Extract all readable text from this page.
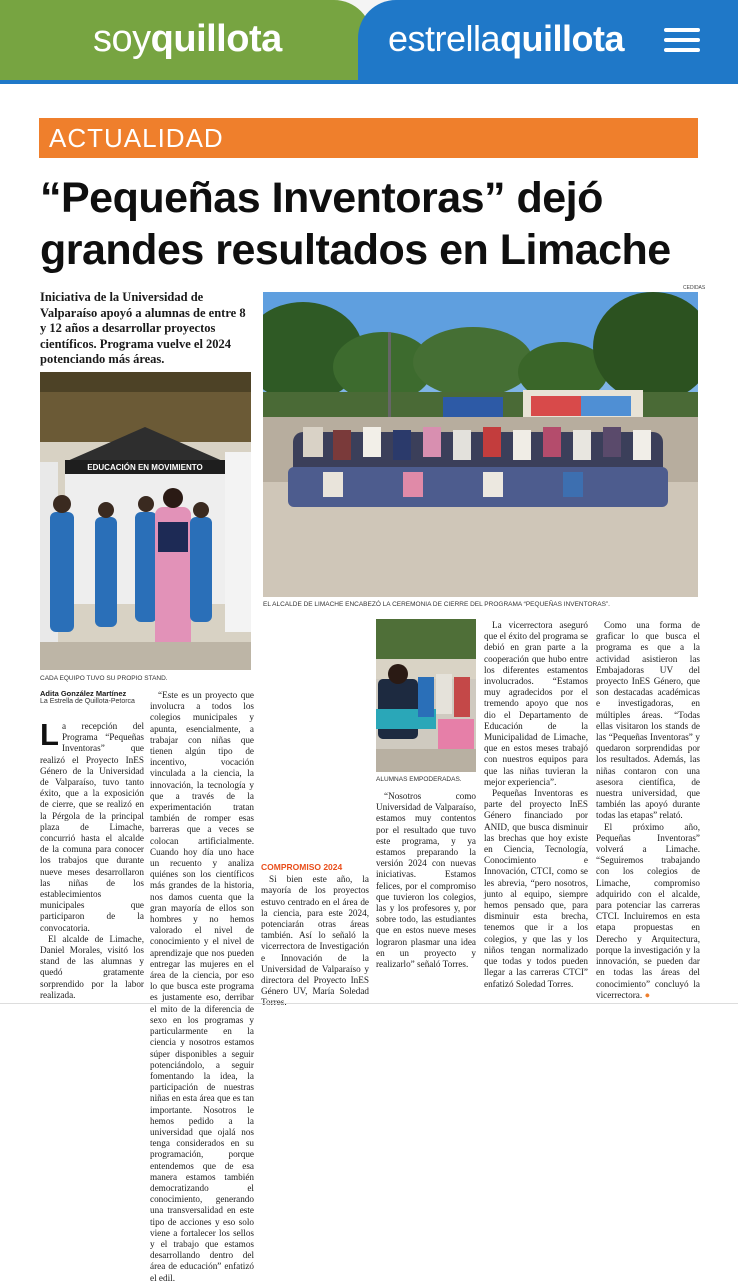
soyquillota	estrellaquillota
ACTUALIDAD
“Pequeñas Inventoras” dejó grandes resultados en Limache
Iniciativa de la Universidad de Valparaíso apoyó a alumnas de entre 8 y 12 años a desarrollar proyectos científicos. Programa vuelve el 2024 potenciando más áreas.
CEDIDAS
EL ALCALDE DE LIMACHE ENCABEZÓ LA CEREMONIA DE CIERRE DEL PROGRAMA “PEQUEÑAS INVENTORAS”.
EDUCACIÓN EN MOVIMIENTO
CADA EQUIPO TUVO SU PROPIO STAND.
Adita González Martínez
La Estrella de Quillota-Petorca
ALUMNAS EMPODERADAS.

La recepción del Programa “Pequeñas Inventoras” que realizó el Proyecto InES Género de la Universidad de Valparaíso, tuvo tanto éxito, que a la exposición de cierre, que se realizó en la Pérgola de la principal plaza de Limache, concurrió hasta el alcalde de la comuna para conocer los trabajos que durante nueve meses desarrollaron las niñas de los establecimientos municipales que participaron de la convocatoria.

El alcalde de Limache, Daniel Morales, visitó los stand de las alumnas y quedó gratamente sorprendido por la labor realizada.

“Este es un proyecto que involucra a todos los colegios municipales y apunta, esencialmente, a trabajar con niñas que tienen algún tipo de incentivo, vocación vinculada a la ciencia, la innovación, la tecnología y que a través de la experimentación tratan también de romper esas barreras que a veces se colocan artificialmente. Cuando hoy día uno hace un recuento y analiza quiénes son los científicos más grandes de la historia, nos damos cuenta que la gran mayoría de ellos son hombres y no hemos valorado el nivel de conocimiento y el nivel de aprendizaje que nos pueden entregar las mujeres en el área de la ciencia, por eso lo que busca este programa es justamente eso, derribar el mito de la diferencia de sexo en los programas y particularmente en la ciencia y nosotros estamos súper disponibles a seguir potenciándolo, a seguir fomentando la idea, la participación de nuestras niñas en esta área que es tan importante. Nosotros le hemos pedido a la universidad que ojalá nos tenga considerados en su programación, porque entendemos que de esa manera estamos también democratizando el conocimiento, generando una transversalidad en este tipo de acciones y eso solo viene a fortalecer los sellos y el trabajo que estamos desarrollando dentro del área de educación” enfatizó el edil.

COMPROMISO 2024

Si bien este año, la mayoría de los proyectos estuvo centrado en el área de la ciencia, para este 2024, potenciarán otras áreas también. Así lo señaló la vicerrectora de Investigación e Innovación de la Universidad de Valparaíso y directora del Proyecto InES Género UV, María Soledad

“Nosotros como Universidad de Valparaíso, estamos muy contentos por el resultado que tuvo este programa, y ya estamos preparando la versión 2024 con nuevas iniciativas. Estamos felices, por el compromiso que tuvieron los colegios, las y los profesores y, por sobre todo, las estudiantes que en estos nueve meses lograron plasmar una idea en un proyecto y realizarlo” señaló Torres.

La vicerrectora aseguró que el éxito del programa se debió en gran parte a la cooperación que hubo entre los diferentes estamentos involucrados. “Estamos muy agradecidos por el tremendo apoyo que nos dio el Departamento de Educación de la Municipalidad de Limache, que en estos meses trabajó con nuestros equipos para que las niñas tuvieran la mejor experiencia”.

Pequeñas Inventoras es parte del proyecto InES Género financiado por ANID, que busca disminuir las brechas que hoy existe en Ciencia, Tecnología, Conocimiento e Innovación, CTCI, como se les abrevia, “pero nosotros, junto al equipo, siempre hemos pensado que, para disminuir esta brecha, tenemos que ir a los colegios, y que las y los niños tengan normalizado que todas y todos pueden llegar a las carreras CTCI” enfatizó Soledad Torres.

Como una forma de graficar lo que busca el programa es que a la actividad asistieron las Embajadoras UV del proyecto InES Género, que son destacadas académicas e investigadoras, en múltiples áreas. “Todas ellas visitaron los stands de las “Pequeñas Inventoras” y quedaron sorprendidas por los resultados. Además, las niñas contaron con una asesora científica, de nuestra universidad, que también las apoyó durante todas las etapas” relató.

El próximo año, Pequeñas Inventoras” volverá a Limache. “Seguiremos trabajando con los colegios de Limache, compromiso adquirido con el alcalde, para potenciar las carreras CTCI. Incluiremos en esta etapa propuestas en Derecho y Arquitectura, porque la investigación y la innovación, se pueden dar en todas las áreas del conocimiento” concluyó la vicerrectora. ●
